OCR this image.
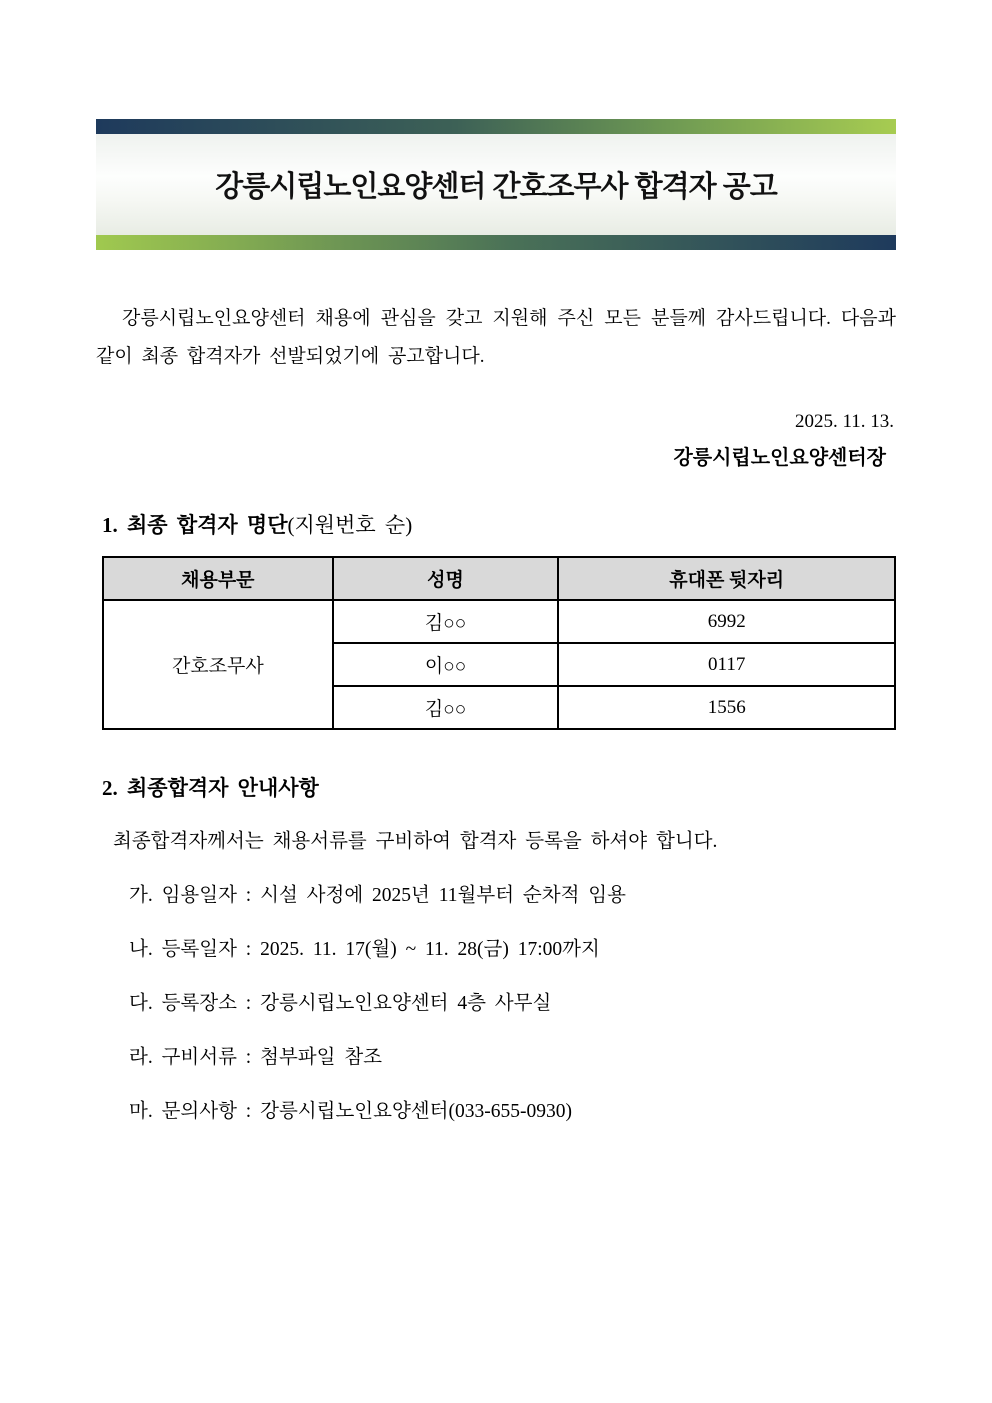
강릉시립노인요양센터 간호조무사 합격자 공고

강릉시립노인요양센터 채용에 관심을 갖고 지원해 주신 모든 분들께 감사드립니다. 다음과 같이 최종 합격자가 선발되었기에 공고합니다.

2025. 11. 13.
강릉시립노인요양센터장
1. 최종 합격자 명단(지원번호 순)
채용부문	성명	휴대폰 뒷자리
간호조무사	김○○	6992
	이○○	0117
	김○○	1556
2. 최종합격자 안내사항
최종합격자께서는 채용서류를 구비하여 합격자 등록을 하셔야 합니다.
가. 임용일자 : 시설 사정에 2025년 11월부터 순차적 임용
나. 등록일자 : 2025. 11. 17(월) ~ 11. 28(금) 17:00까지
다. 등록장소 : 강릉시립노인요양센터 4층 사무실
라. 구비서류 : 첨부파일 참조
마. 문의사항 : 강릉시립노인요양센터(033-655-0930)
